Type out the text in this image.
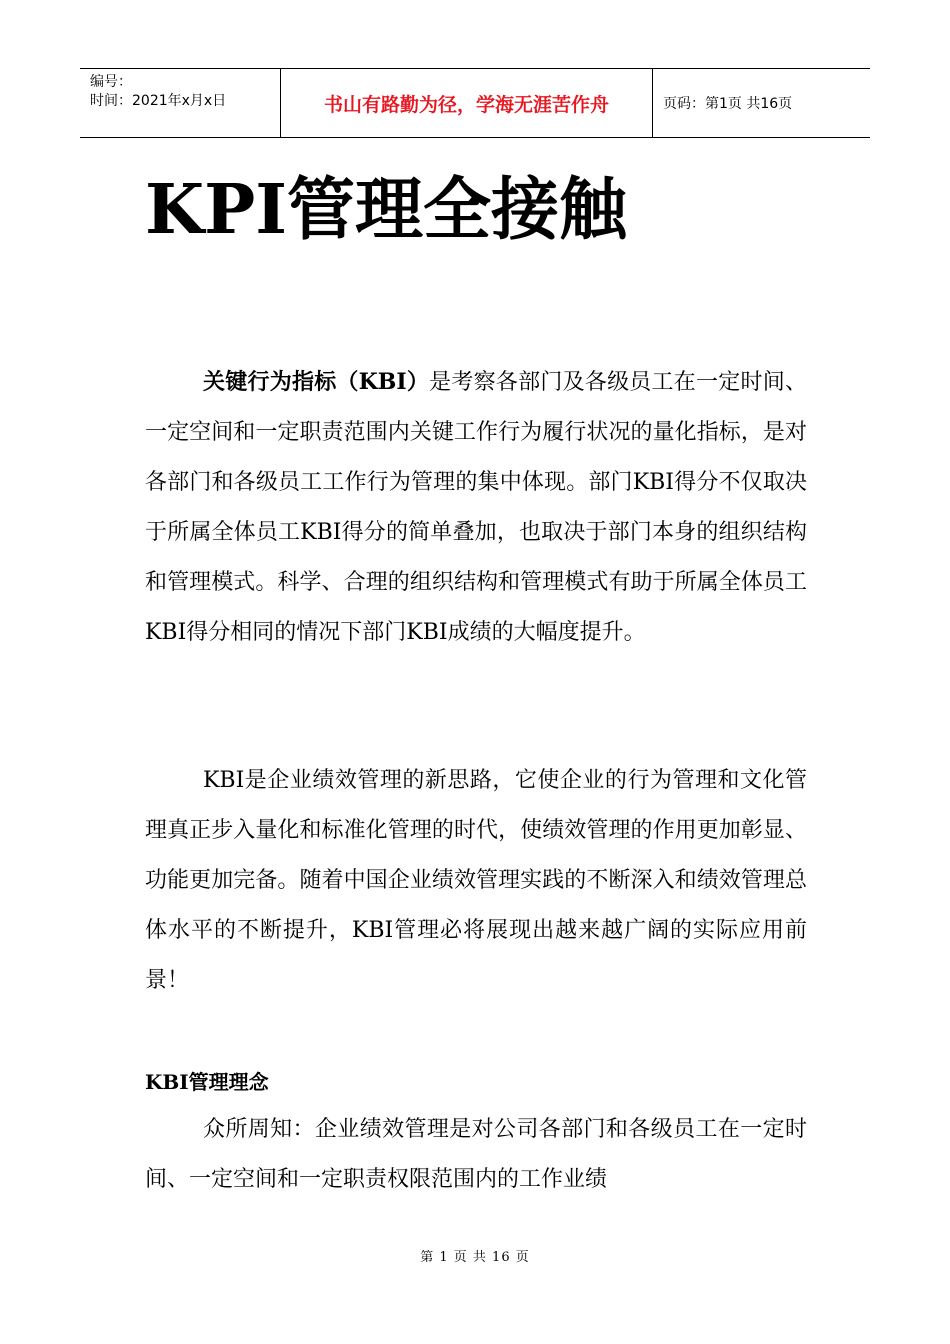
编号：
时间：2021年x月x日	书山有路勤为径，学海无涯苦作舟	页码：第1页 共16页
KPI管理全接触

关键行为指标（KBI）是考察各部门及各级员工在一定时间、一定空间和一定职责范围内关键工作行为履行状况的量化指标，是对各部门和各级员工工作行为管理的集中体现。部门KBI得分不仅取决于所属全体员工KBI得分的简单叠加，也取决于部门本身的组织结构和管理模式。科学、合理的组织结构和管理模式有助于所属全体员工KBI得分相同的情况下部门KBI成绩的大幅度提升。

KBI是企业绩效管理的新思路，它使企业的行为管理和文化管理真正步入量化和标准化管理的时代，使绩效管理的作用更加彰显、功能更加完备。随着中国企业绩效管理实践的不断深入和绩效管理总体水平的不断提升，KBI管理必将展现出越来越广阔的实际应用前景！

KBI管理理念

众所周知：企业绩效管理是对公司各部门和各级员工在一定时间、一定空间和一定职责权限范围内的工作业绩

第 1 页 共 16 页
